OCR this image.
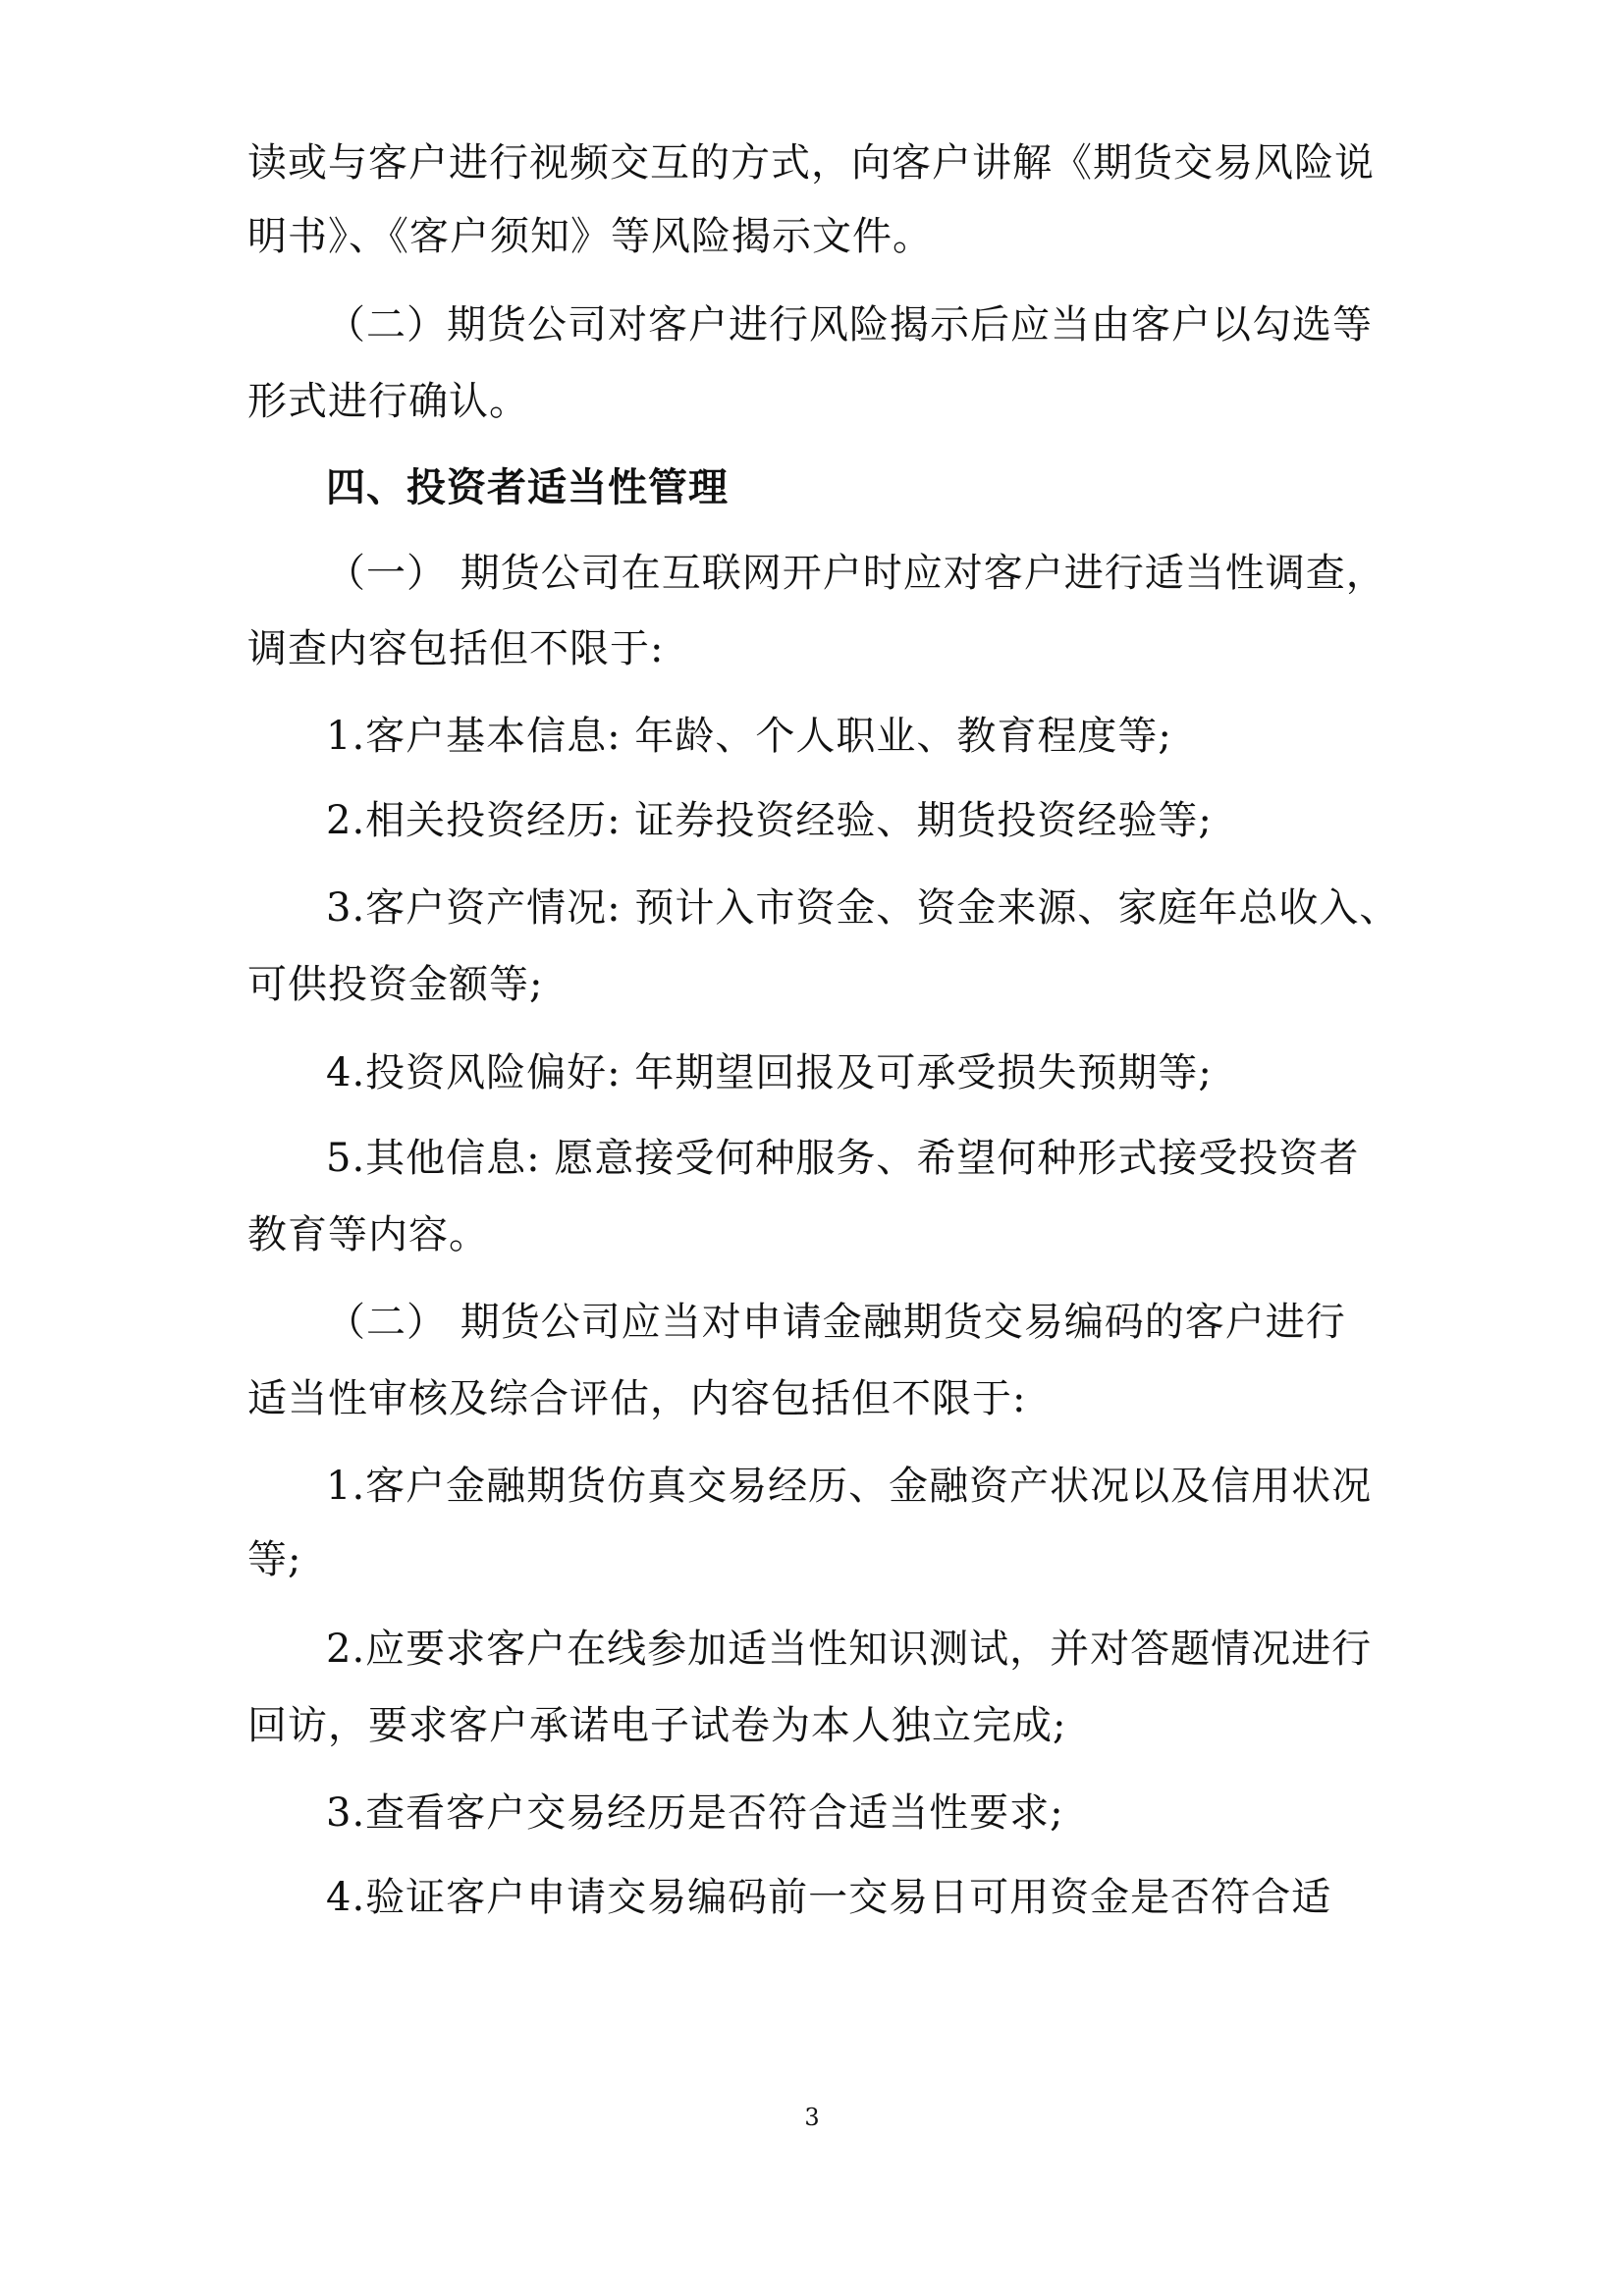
读或与客户进行视频交互的方式，向客户讲解《期货交易风险说
明书》、《客户须知》等风险揭示文件。
（二）期货公司对客户进行风险揭示后应当由客户以勾选等
形式进行确认。
四、投资者适当性管理
（一） 期货公司在互联网开户时应对客户进行适当性调查，
调查内容包括但不限于:
1.客户基本信息: 年龄、个人职业、教育程度等;
2.相关投资经历: 证券投资经验、期货投资经验等;
3.客户资产情况: 预计入市资金、资金来源、家庭年总收入、
可供投资金额等;
4.投资风险偏好: 年期望回报及可承受损失预期等;
5.其他信息: 愿意接受何种服务、希望何种形式接受投资者
教育等内容。
（二） 期货公司应当对申请金融期货交易编码的客户进行
适当性审核及综合评估，内容包括但不限于:
1.客户金融期货仿真交易经历、金融资产状况以及信用状况
等;
2.应要求客户在线参加适当性知识测试，并对答题情况进行
回访，要求客户承诺电子试卷为本人独立完成;
3.查看客户交易经历是否符合适当性要求;
4.验证客户申请交易编码前一交易日可用资金是否符合适
3
